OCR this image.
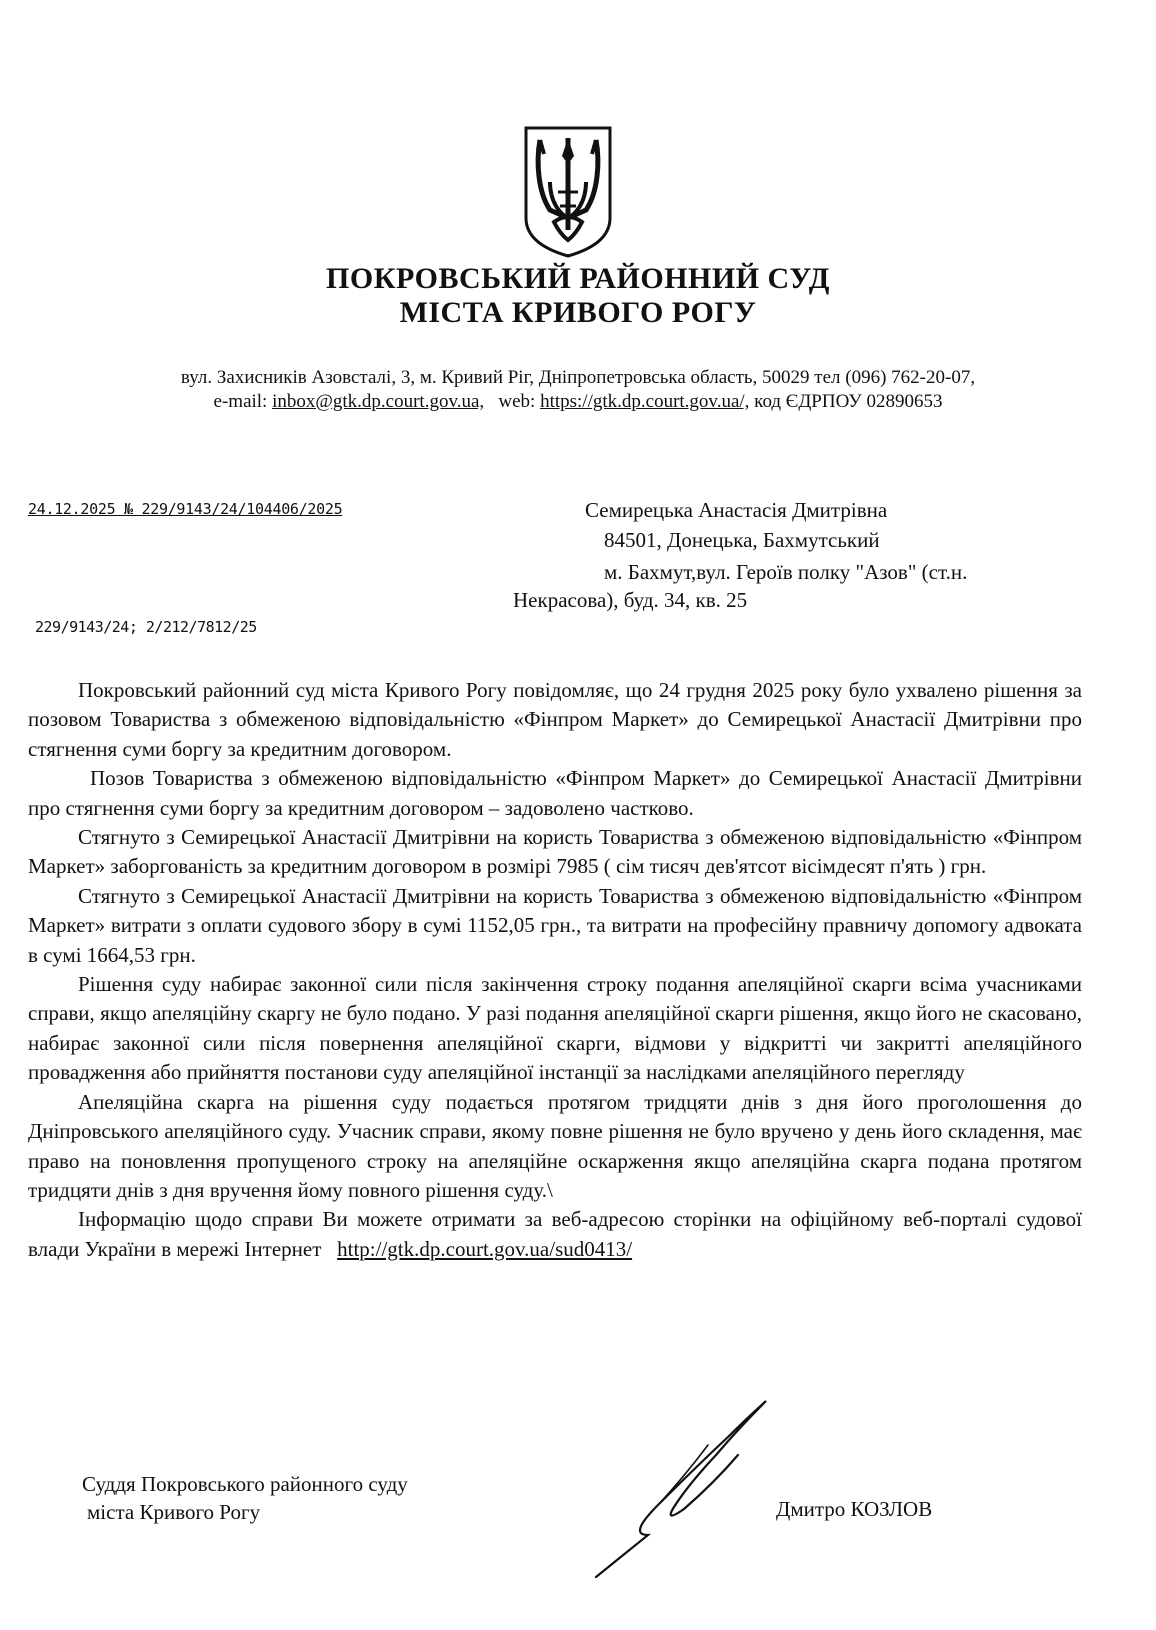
ПОКРОВСЬКИЙ РАЙОННИЙ СУД
МІСТА КРИВОГО РОГУ
вул. Захисників Азовсталі, 3, м. Кривий Ріг, Дніпропетровська область, 50029 тел (096) 762-20-07,
e-mail: inbox@gtk.dp.court.gov.ua, web: https://gtk.dp.court.gov.ua/, код ЄДРПОУ 02890653
24.12.2025 № 229/9143/24/104406/2025
229/9143/24; 2/212/7812/25
Семирецька Анастасія Дмитрівна
84501, Донецька, Бахмутський
м. Бахмут,вул. Героїв полку "Азов" (ст.н.
Некрасова), буд. 34, кв. 25

Покровський районний суд міста Кривого Рогу повідомляє, що 24 грудня 2025 року було ухвалено рішення за позовом Товариства з обмеженою відповідальністю «Фінпром Маркет» до Семирецької Анастасії Дмитрівни про стягнення суми боргу за кредитним договором.

Позов Товариства з обмеженою відповідальністю «Фінпром Маркет» до Семирецької Анастасії Дмитрівни про стягнення суми боргу за кредитним договором – задоволено частково.

Стягнуто з Семирецької Анастасії Дмитрівни на користь Товариства з обмеженою відповідальністю «Фінпром Маркет» заборгованість за кредитним договором в розмірі 7985 ( сім тисяч дев'ятсот вісімдесят п'ять ) грн.

Стягнуто з Семирецької Анастасії Дмитрівни на користь Товариства з обмеженою відповідальністю «Фінпром Маркет» витрати з оплати судового збору в сумі 1152,05 грн., та витрати на професійну правничу допомогу адвоката в сумі 1664,53 грн.

Рішення суду набирає законної сили після закінчення строку подання апеляційної скарги всіма учасниками справи, якщо апеляційну скаргу не було подано. У разі подання апеляційної скарги рішення, якщо його не скасовано, набирає законної сили після повернення апеляційної скарги, відмови у відкритті чи закритті апеляційного провадження або прийняття постанови суду апеляційної інстанції за наслідками апеляційного перегляду

Апеляційна скарга на рішення суду подається протягом тридцяти днів з дня його проголошення до Дніпровського апеляційного суду. Учасник справи, якому повне рішення не було вручено у день його складення, має право на поновлення пропущеного строку на апеляційне оскарження якщо апеляційна скарга подана протягом тридцяти днів з дня вручення йому повного рішення суду.\

Інформацію щодо справи Ви можете отримати за веб-адресою сторінки на офіційному веб-порталі судової влади України в мережі Інтернет http://gtk.dp.court.gov.ua/sud0413/

Суддя Покровського районного суду
міста Кривого Рогу	Дмитро КОЗЛОВ
